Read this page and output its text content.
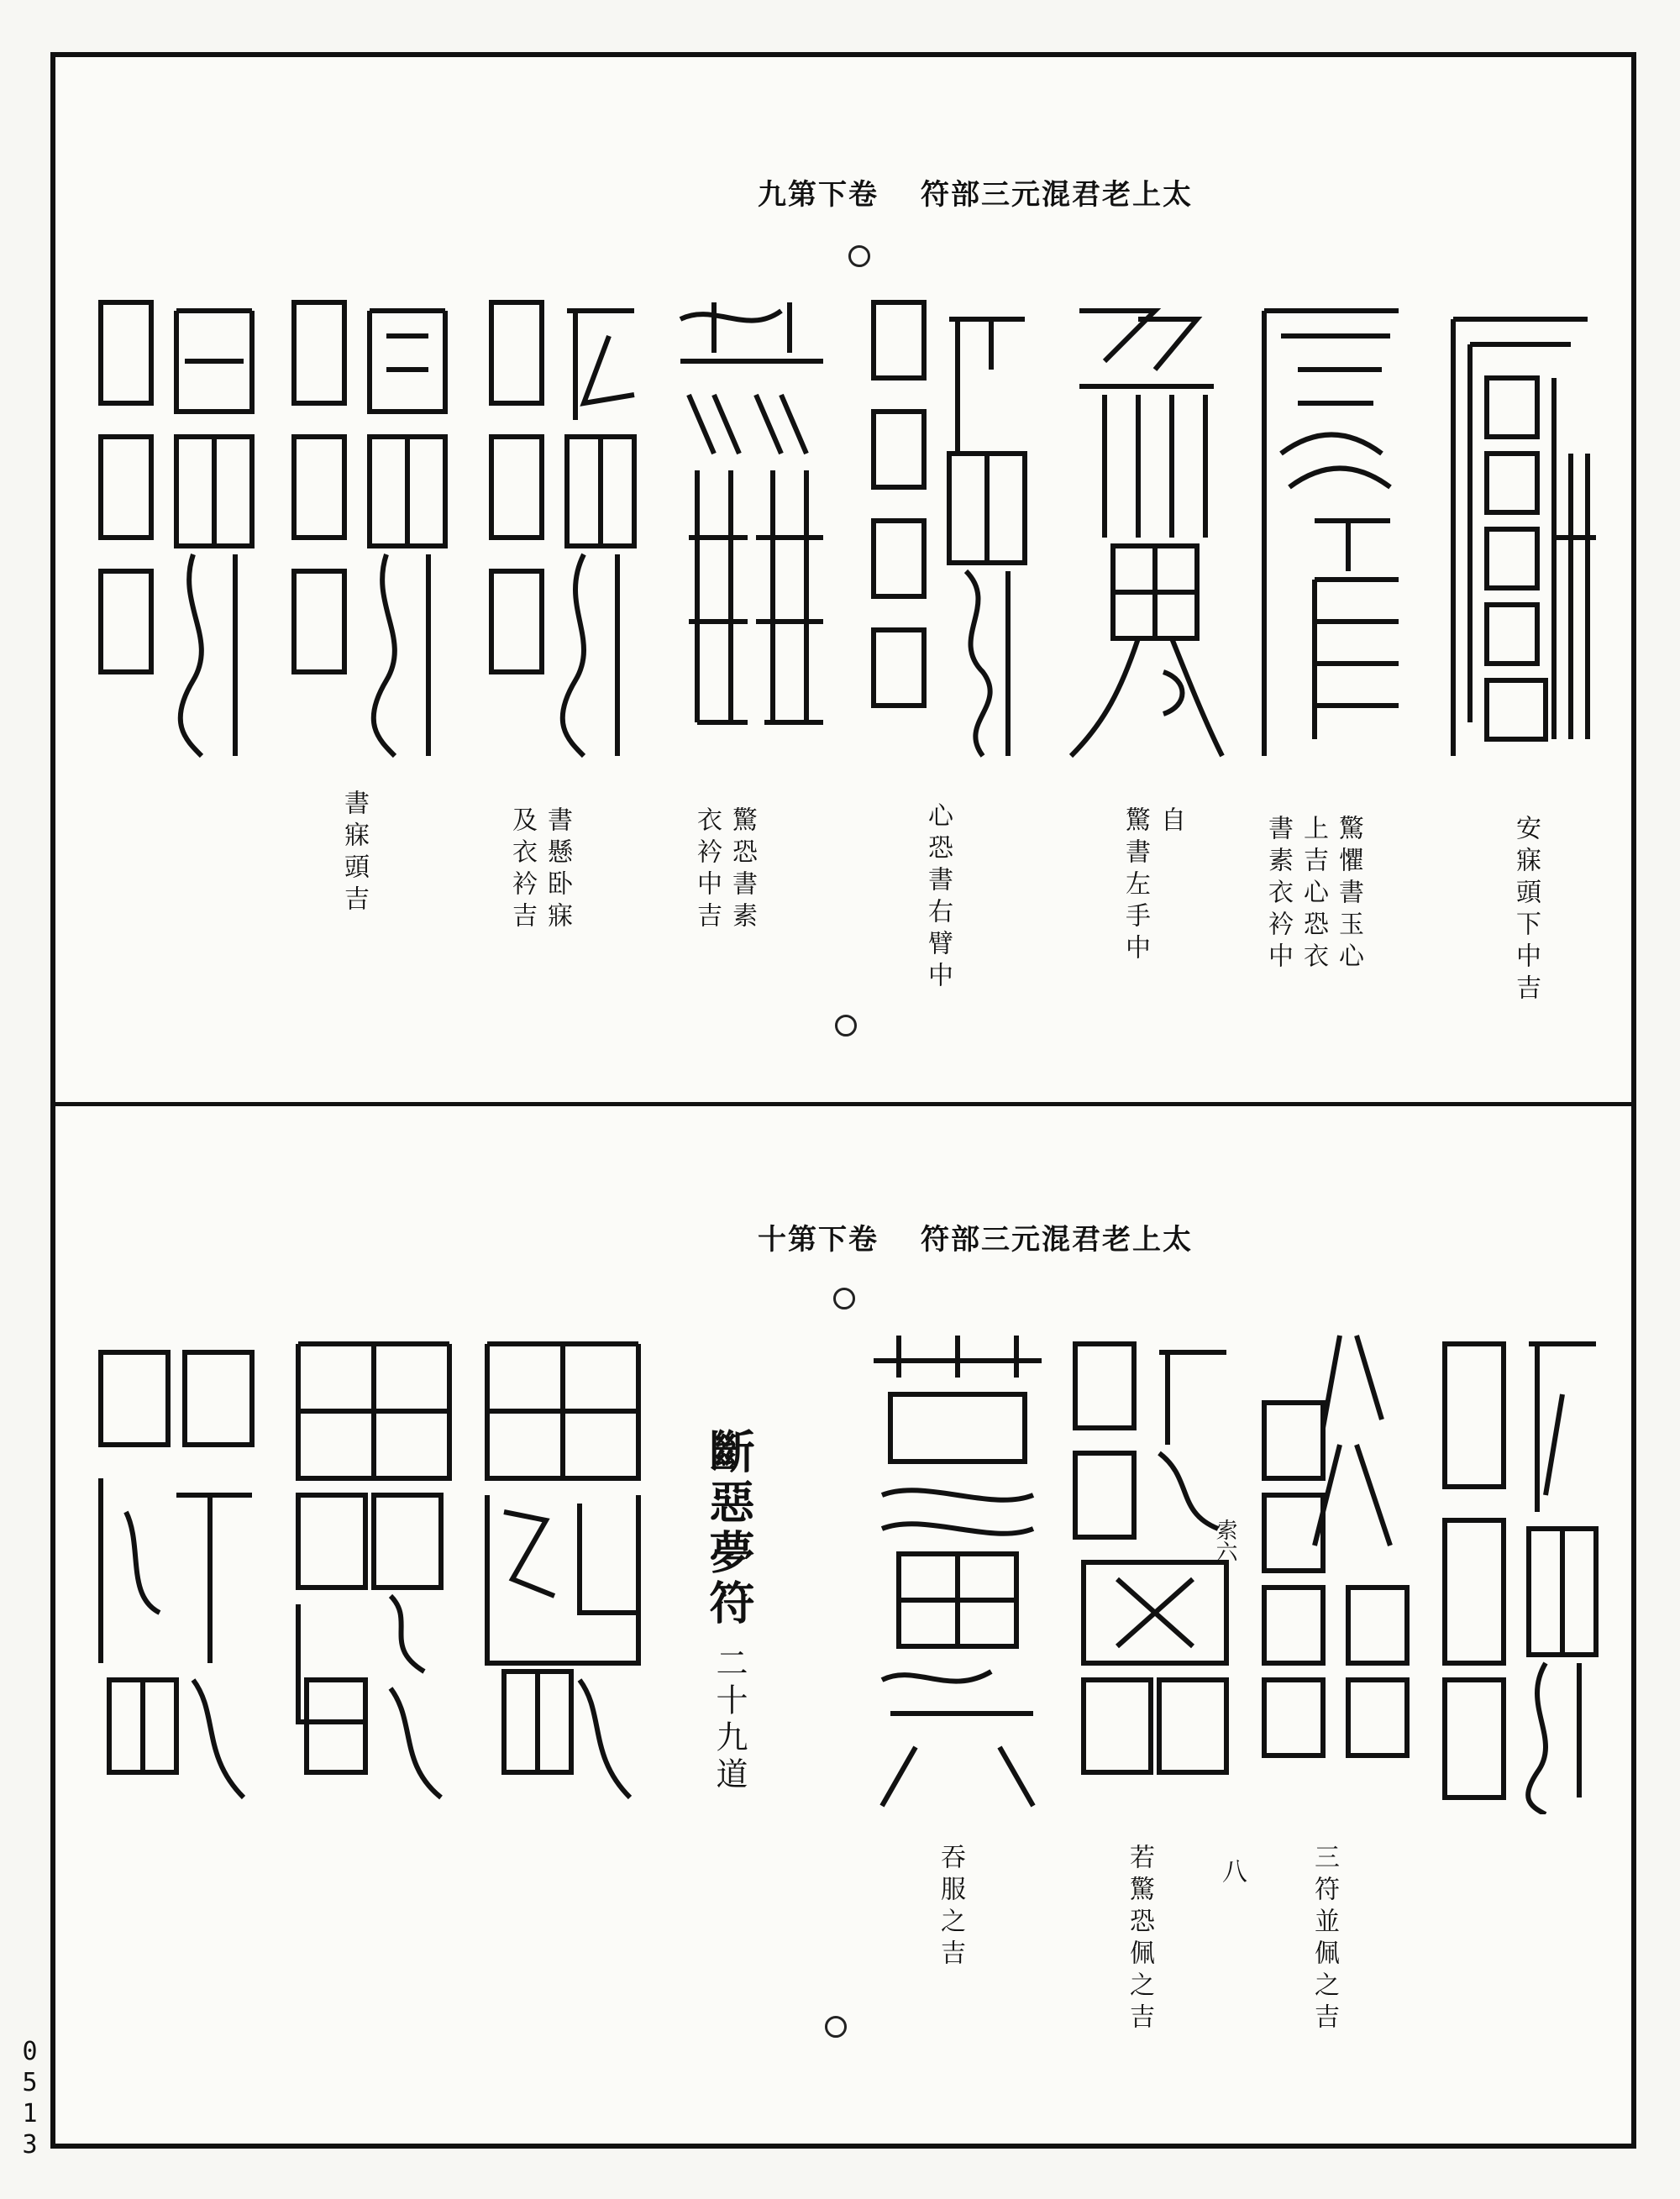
太上老君混元三部符卷下第九
安寐頭下中吉
驚懼書玉心
上吉心恐衣
書素衣衿中
自
驚書左手中
心恐書右臂中
驚恐書素
衣衿中吉
書懸卧寐
及衣衿吉
書寐頭吉
太上老君混元三部符卷下第十
索六
斷惡夢符二十九道
三符並佩之吉
八
若驚恐佩之吉
吞服之吉
0513
